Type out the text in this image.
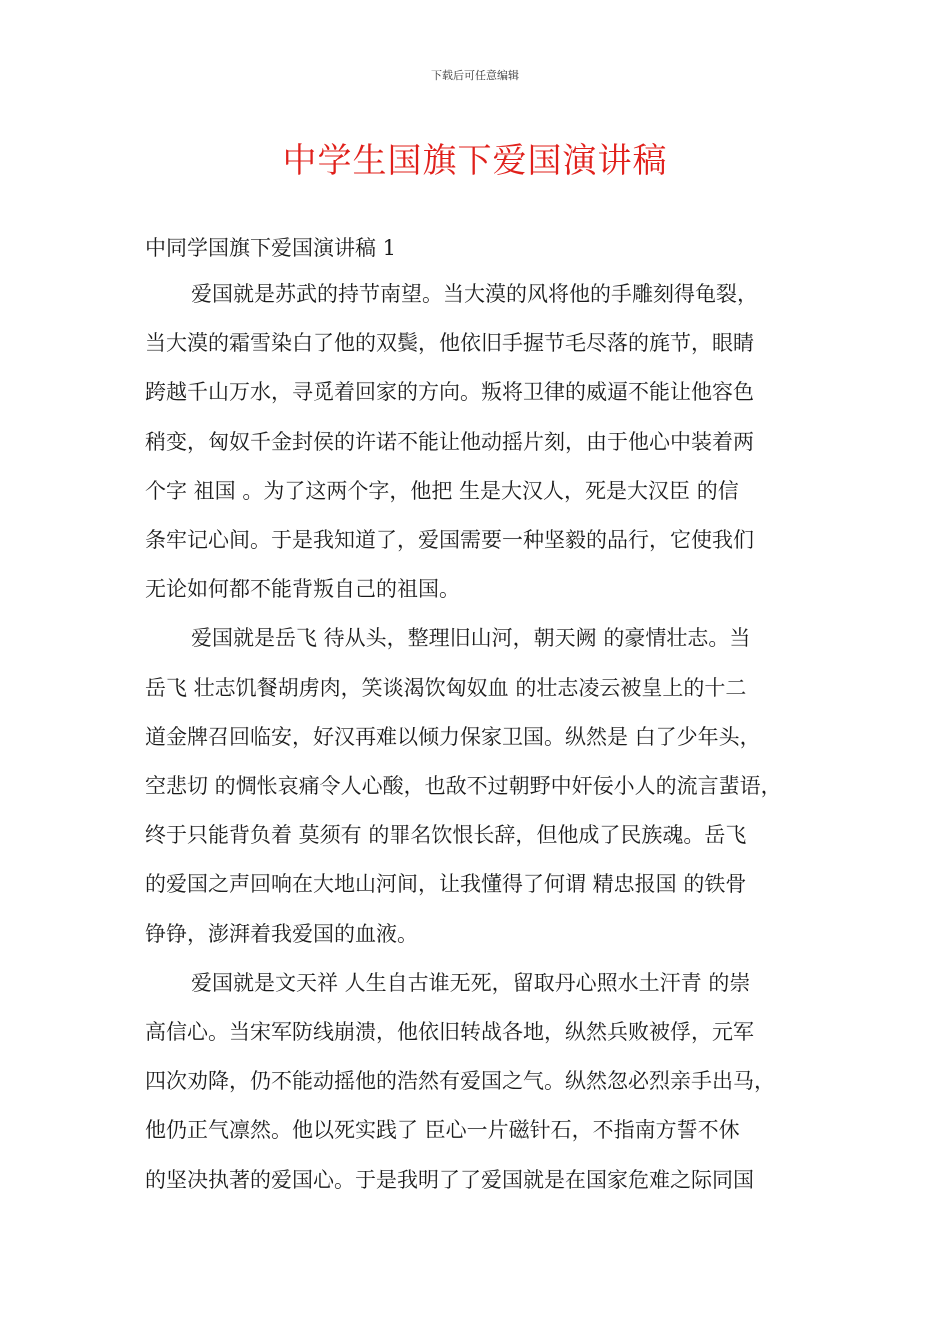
下载后可任意编辑
中学生国旗下爱国演讲稿
中同学国旗下爱国演讲稿 1
爱国就是苏武的持节南望。当大漠的风将他的手雕刻得龟裂，
当大漠的霜雪染白了他的双鬓，他依旧手握节毛尽落的旄节，眼睛
跨越千山万水，寻觅着回家的方向。叛将卫律的威逼不能让他容色
稍变，匈奴千金封侯的许诺不能让他动摇片刻，由于他心中装着两
个字 祖国 。为了这两个字，他把 生是大汉人，死是大汉臣 的信
条牢记心间。于是我知道了，爱国需要一种坚毅的品行，它使我们
无论如何都不能背叛自己的祖国。
爱国就是岳飞 待从头，整理旧山河，朝天阙 的豪情壮志。当
岳飞 壮志饥餐胡虏肉，笑谈渴饮匈奴血 的壮志凌云被皇上的十二
道金牌召回临安，好汉再难以倾力保家卫国。纵然是 白了少年头，
空悲切 的惆怅哀痛令人心酸，也敌不过朝野中奸佞小人的流言蜚语，
终于只能背负着 莫须有 的罪名饮恨长辞，但他成了民族魂。岳飞
的爱国之声回响在大地山河间，让我懂得了何谓 精忠报国 的铁骨
铮铮，澎湃着我爱国的血液。
爱国就是文天祥 人生自古谁无死，留取丹心照水土汗青 的崇
高信心。当宋军防线崩溃，他依旧转战各地，纵然兵败被俘，元军
四次劝降，仍不能动摇他的浩然有爱国之气。纵然忽必烈亲手出马，
他仍正气凛然。他以死实践了 臣心一片磁针石，不指南方誓不休
的坚决执著的爱国心。于是我明了了爱国就是在国家危难之际同国
